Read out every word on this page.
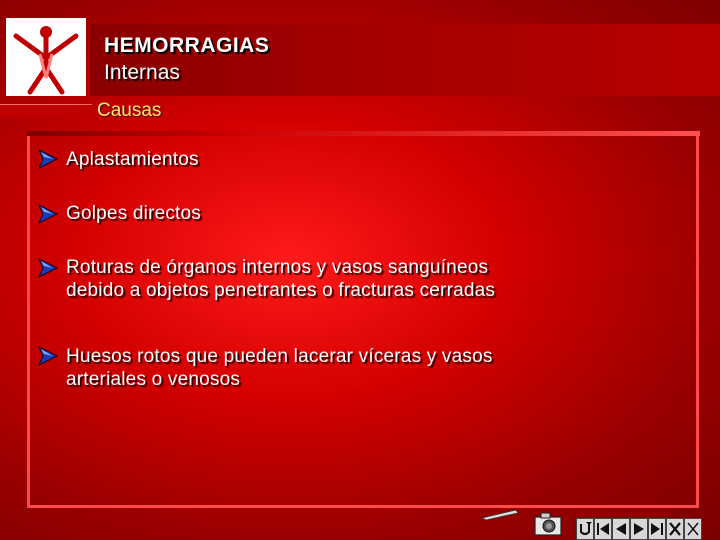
HEMORRAGIAS
Internas
Causas
Aplastamientos
Golpes directos
Roturas de órganos internos y vasos sanguíneos
debido a objetos penetrantes o fracturas cerradas
Huesos rotos que pueden lacerar víceras y vasos
arteriales o venosos
